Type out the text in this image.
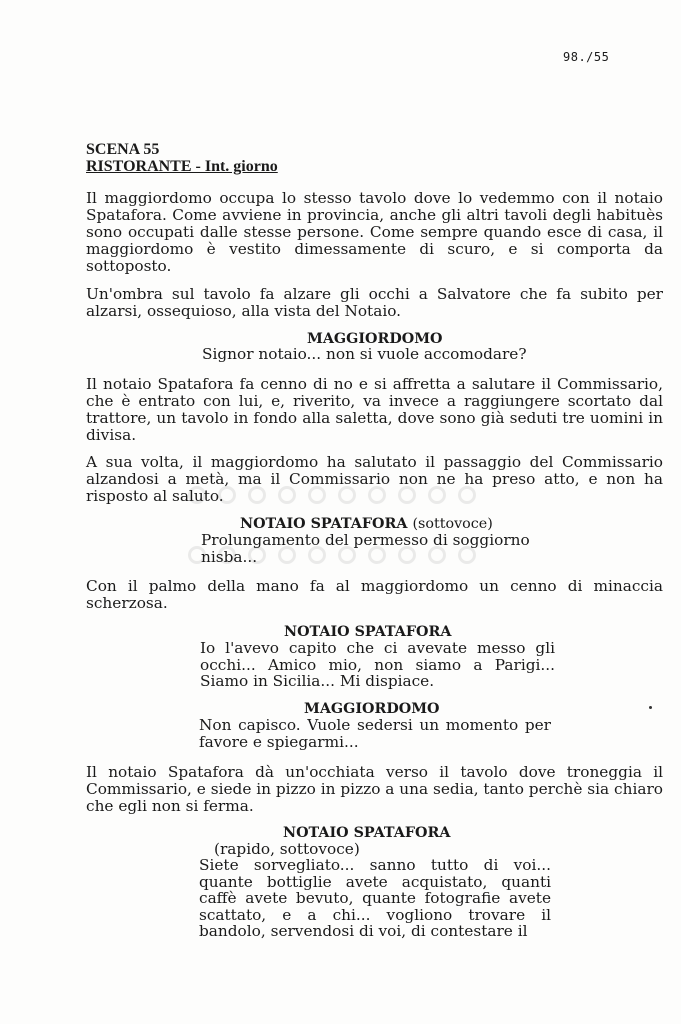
98./55
SCENA 55
RISTORANTE - Int. giorno
Il maggiordomo occupa lo stesso tavolo dove lo vedemmo con il notaio Spatafora. Come avviene in provincia, anche gli altri tavoli degli habituès sono occupati dalle stesse persone. Come sempre quando esce di casa, il maggiordomo è vestito dimessamente di scuro, e si comporta da sottoposto.
Un'ombra sul tavolo fa alzare gli occhi a Salvatore che fa subito per alzarsi, ossequioso, alla vista del Notaio.
MAGGIORDOMO
Signor notaio... non si vuole accomodare?
Il notaio Spatafora fa cenno di no e si affretta a salutare il Commissario, che è entrato con lui, e, riverito, va invece a raggiungere scortato dal trattore, un tavolo in fondo alla saletta, dove sono già seduti tre uomini in divisa.
A sua volta, il maggiordomo ha salutato il passaggio del Commissario alzandosi a metà, ma il Commissario non ne ha preso atto, e non ha risposto al saluto.
NOTAIO SPATAFORA (sottovoce)
Prolungamento del permesso di soggiorno nisba...
Con il palmo della mano fa al maggiordomo un cenno di minaccia scherzosa.
NOTAIO SPATAFORA
Io l'avevo capito che ci avevate messo gli occhi... Amico mio, non siamo a Parigi... Siamo in Sicilia... Mi dispiace.
MAGGIORDOMO
Non capisco. Vuole sedersi un momento per favore e spiegarmi...
Il notaio Spatafora dà un'occhiata verso il tavolo dove troneggia il Commissario, e siede in pizzo in pizzo a una sedia, tanto perchè sia chiaro che egli non si ferma.
NOTAIO SPATAFORA
(rapido, sottovoce)
Siete sorvegliato... sanno tutto di voi... quante bottiglie avete acquistato, quanti caffè avete bevuto, quante fotografie avete scattato, e a chi... vogliono trovare il bandolo, servendosi di voi, di contestare il
